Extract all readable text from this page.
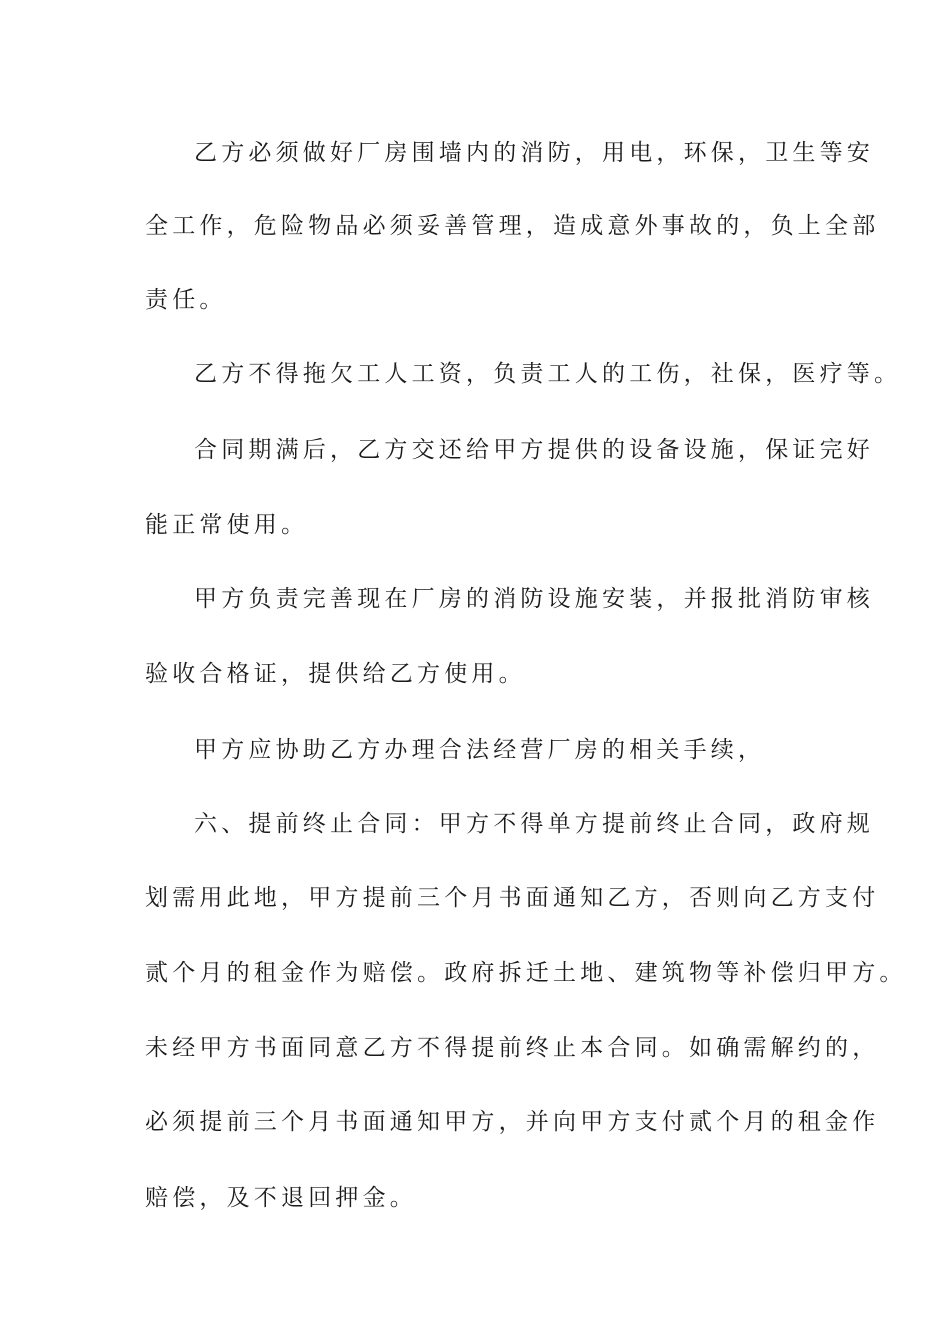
乙方必须做好厂房围墙内的消防，用电，环保，卫生等安
全工作，危险物品必须妥善管理，造成意外事故的，负上全部
责任。
乙方不得拖欠工人工资，负责工人的工伤，社保，医疗等。
合同期满后，乙方交还给甲方提供的设备设施，保证完好
能正常使用。
甲方负责完善现在厂房的消防设施安装，并报批消防审核
验收合格证，提供给乙方使用。
甲方应协助乙方办理合法经营厂房的相关手续，
六、提前终止合同：甲方不得单方提前终止合同，政府规
划需用此地，甲方提前三个月书面通知乙方，否则向乙方支付
贰个月的租金作为赔偿。政府拆迁土地、建筑物等补偿归甲方。
未经甲方书面同意乙方不得提前终止本合同。如确需解约的，
必须提前三个月书面通知甲方，并向甲方支付贰个月的租金作
赔偿，及不退回押金。
